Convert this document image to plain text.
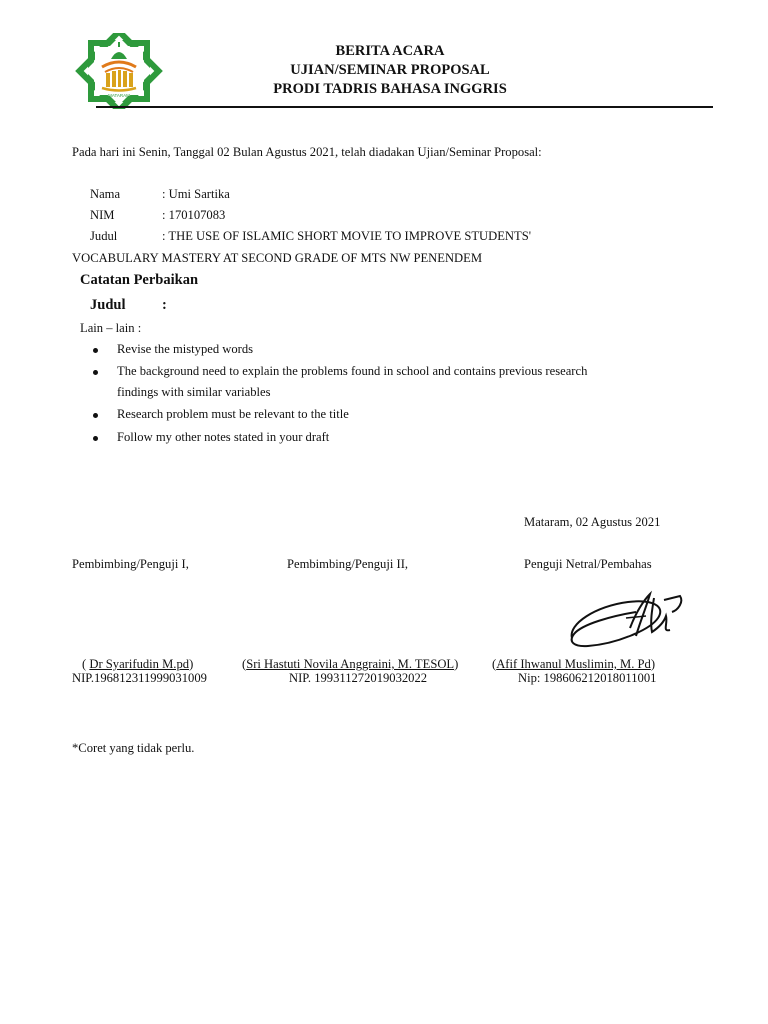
MATARAM
BERITA ACARA
UJIAN/SEMINAR PROPOSAL
PRODI TADRIS BAHASA INGGRIS
Pada hari ini Senin, Tanggal 02 Bulan Agustus 2021, telah diadakan Ujian/Seminar Proposal:
Nama	: Umi Sartika
NIM	: 170107083
Judul	: THE USE OF ISLAMIC SHORT MOVIE TO IMPROVE STUDENTS'
VOCABULARY MASTERY AT SECOND GRADE OF MTS NW PENENDEM
Catatan Perbaikan
Judul	:
Lain – lain :
Revise the mistyped words
The background need to explain the problems found in school and contains previous research
findings with similar variables
Research problem must be relevant to the title
Follow my other notes stated in your draft
Mataram, 02 Agustus 2021
Pembimbing/Penguji I,	Pembimbing/Penguji II,	Penguji Netral/Pembahas
( Dr Syarifudin M.pd)	(Sri Hastuti Novila Anggraini, M. TESOL)	(Afif Ihwanul Muslimin, M. Pd)
NIP.196812311999031009	NIP. 199311272019032022	Nip: 198606212018011001
*Coret yang tidak perlu.
